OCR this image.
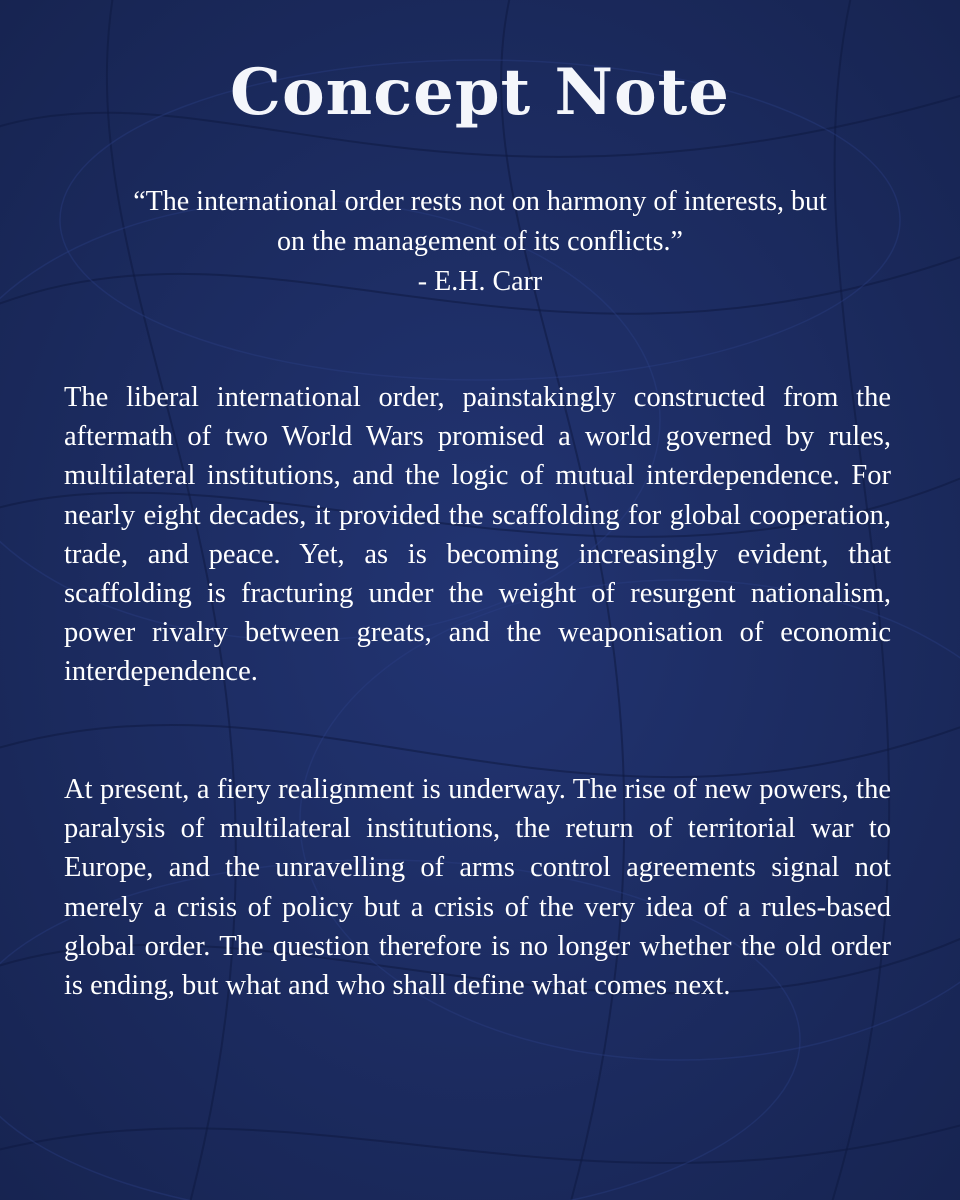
Concept Note
“The international order rests not on harmony of interests, but
on the management of its conflicts.”
- E.H. Carr

The liberal international order, painstakingly constructed from the aftermath of two World Wars promised a world governed by rules, multilateral institutions, and the logic of mutual interdependence. For nearly eight decades, it provided the scaffolding for global cooperation, trade, and peace. Yet, as is becoming increasingly evident, that scaffolding is fracturing under the weight of resurgent nationalism, power rivalry between greats, and the weaponisation of economic interdependence.

At present, a fiery realignment is underway. The rise of new powers, the paralysis of multilateral institutions, the return of territorial war to Europe, and the unravelling of arms control agreements signal not merely a crisis of policy but a crisis of the very idea of a rules-based global order. The question therefore is no longer whether the old order is ending, but what and who shall define what comes next.
